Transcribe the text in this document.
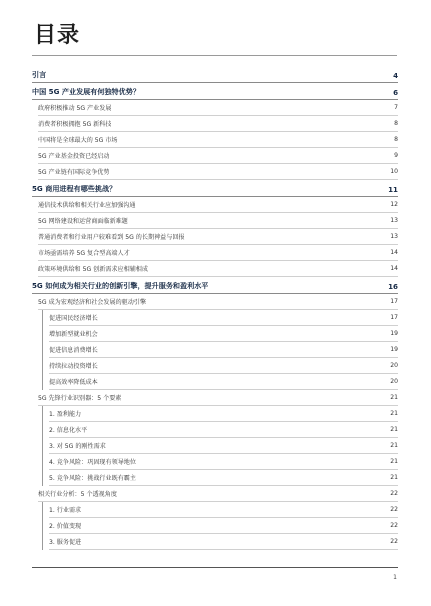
目录
引言	4
中国 5G 产业发展有何独特优势？	6
政府积极推动 5G 产业发展	7
消费者积极拥抱 5G 新科技	8
中国将是全球最大的 5G 市场	8
5G 产业基金投资已经启动	9
5G 产业链有国际竞争优势	10
5G 商用进程有哪些挑战？	11
通信技术供给和相关行业应加强沟通	12
5G 网络建设和运营商面临新难题	13
普通消费者和行业用户较难看到 5G 的长期裨益与回报	13
市场亟需培养 5G 复合型高端人才	14
政策环境供给和 5G 创新需求应相辅相成	14
5G 如何成为相关行业的创新引擎，提升服务和盈利水平	16
5G 成为宏观经济和社会发展的驱动引擎	17
促进国民经济增长	17
增加新型就业机会	19
促进信息消费增长	19
持续拉动投资增长	20
提高效率降低成本	20
5G 先锋行业识别器：5 个要素	21
1. 盈利能力	21
2. 信息化水平	21
3. 对 5G 的刚性需求	21
4. 竞争风险：巩固现有领导地位	21
5. 竞争风险：挑战行业既有霸主	21
相关行业分析：5 个透视角度	22
1. 行业需求	22
2. 价值变现	22
3. 服务促进	22
1
